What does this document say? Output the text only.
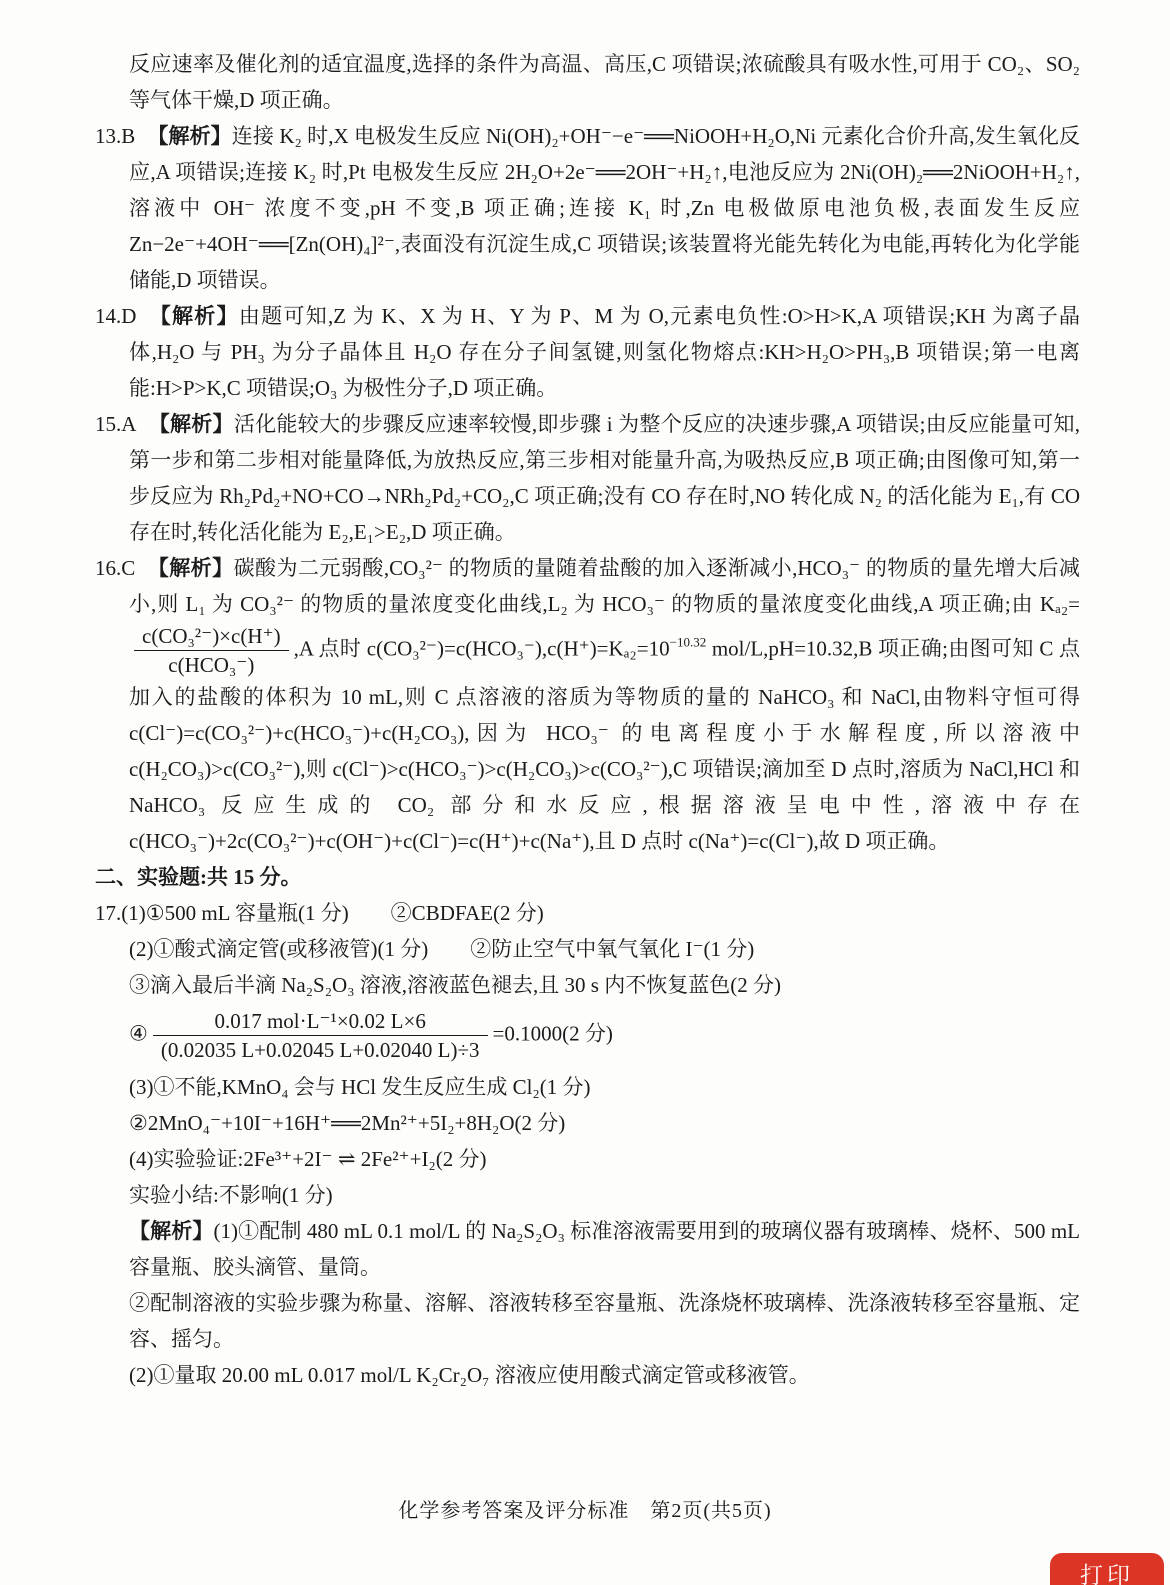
反应速率及催化剂的适宜温度,选择的条件为高温、高压,C 项错误;浓硫酸具有吸水性,可用于 CO₂、SO₂ 等气体干燥,D 项正确。

13.B 【解析】连接 K₂ 时,X 电极发生反应 Ni(OH)₂+OH⁻−e⁻══NiOOH+H₂O,Ni 元素化合价升高,发生氧化反应,A 项错误;连接 K₂ 时,Pt 电极发生反应 2H₂O+2e⁻══2OH⁻+H₂↑,电池反应为 2Ni(OH)₂══2NiOOH+H₂↑,溶液中 OH⁻ 浓度不变,pH 不变,B 项正确;连接 K₁ 时,Zn 电极做原电池负极,表面发生反应 Zn−2e⁻+4OH⁻══[Zn(OH)₄]²⁻,表面没有沉淀生成,C 项错误;该装置将光能先转化为电能,再转化为化学能储能,D 项错误。

14.D 【解析】由题可知,Z 为 K、X 为 H、Y 为 P、M 为 O,元素电负性:O>H>K,A 项错误;KH 为离子晶体,H₂O 与 PH₃ 为分子晶体且 H₂O 存在分子间氢键,则氢化物熔点:KH>H₂O>PH₃,B 项错误;第一电离能:H>P>K,C 项错误;O₃ 为极性分子,D 项正确。

15.A 【解析】活化能较大的步骤反应速率较慢,即步骤 i 为整个反应的决速步骤,A 项错误;由反应能量可知,第一步和第二步相对能量降低,为放热反应,第三步相对能量升高,为吸热反应,B 项正确;由图像可知,第一步反应为 Rh₂Pd₂+NO+CO→NRh₂Pd₂+CO₂,C 项正确;没有 CO 存在时,NO 转化成 N₂ 的活化能为 E₁,有 CO 存在时,转化活化能为 E₂,E₁>E₂,D 项正确。

16.C 【解析】碳酸为二元弱酸,CO₃²⁻ 的物质的量随着盐酸的加入逐渐减小,HCO₃⁻ 的物质的量先增大后减小,则 L₁ 为 CO₃²⁻ 的物质的量浓度变化曲线,L₂ 为 HCO₃⁻ 的物质的量浓度变化曲线,A 项正确;由 Kₐ₂=
$\frac{\text{c(CO₃²⁻)×c(H⁺)}}{\text{c(HCO₃⁻)}} ,A$ 点时 $c(CO_3^{2-})=c(HCO_3^-),c(H^+)=K_{a2}=10^{-10.32}$ mol/L,pH=10.32,B 项正确;由图可知 C 点加入的盐酸的体积为 10 mL,则 C 点溶液的溶质为等物质的量的 NaHCO₃ 和 NaCl,由物料守恒可得 c(Cl⁻)=c(CO₃²⁻)+c(HCO₃⁻)+c(H₂CO₃),因为 HCO₃⁻ 的电离程度小于水解程度,所以溶液中 c(H₂CO₃)>c(CO₃²⁻),则 c(Cl⁻)>c(HCO₃⁻)>c(H₂CO₃)>c(CO₃²⁻),C 项错误;滴加至 D 点时,溶质为 NaCl,HCl 和 NaHCO₃ 反应生成的 CO₂ 部分和水反应,根据溶液呈电中性,溶液中存在 c(HCO₃⁻)+2c(CO₃²⁻)+c(OH⁻)+c(Cl⁻)=c(H⁺)+c(Na⁺),且 D 点时 c(Na⁺)=c(Cl⁻),故 D 项正确。

二、实验题:共 15 分。

17.(1)①500 mL 容量瓶(1 分)　　②CBDFAE(2 分)

(2)①酸式滴定管(或移液管)(1 分)　　②防止空气中氧气氧化 I⁻(1 分)

③滴入最后半滴 Na₂S₂O₃ 溶液,溶液蓝色褪去,且 30 s 内不恢复蓝色(2 分)

④ $\frac{\text{0.017 mol·L⁻¹×0.02 L×6}}{(0.02035 L+0.02045 L+0.02040 L)\div 3} =0.1000(2$ 分)

(3)①不能,KMnO₄ 会与 HCl 发生反应生成 Cl₂(1 分)

②2MnO₄⁻+10I⁻+16H⁺══2Mn²⁺+5I₂+8H₂O(2 分)

(4)实验验证:2Fe³⁺+2I⁻ ⇌ 2Fe²⁺+I₂(2 分)

实验小结:不影响(1 分)

【解析】(1)①配制 480 mL 0.1 mol/L 的 Na₂S₂O₃ 标准溶液需要用到的玻璃仪器有玻璃棒、烧杯、500 mL 容量瓶、胶头滴管、量筒。

②配制溶液的实验步骤为称量、溶解、溶液转移至容量瓶、洗涤烧杯玻璃棒、洗涤液转移至容量瓶、定容、摇匀。

(2)①量取 20.00 mL 0.017 mol/L K₂Cr₂O₇ 溶液应使用酸式滴定管或移液管。

化学参考答案及评分标准　第2页(共5页)
打印
